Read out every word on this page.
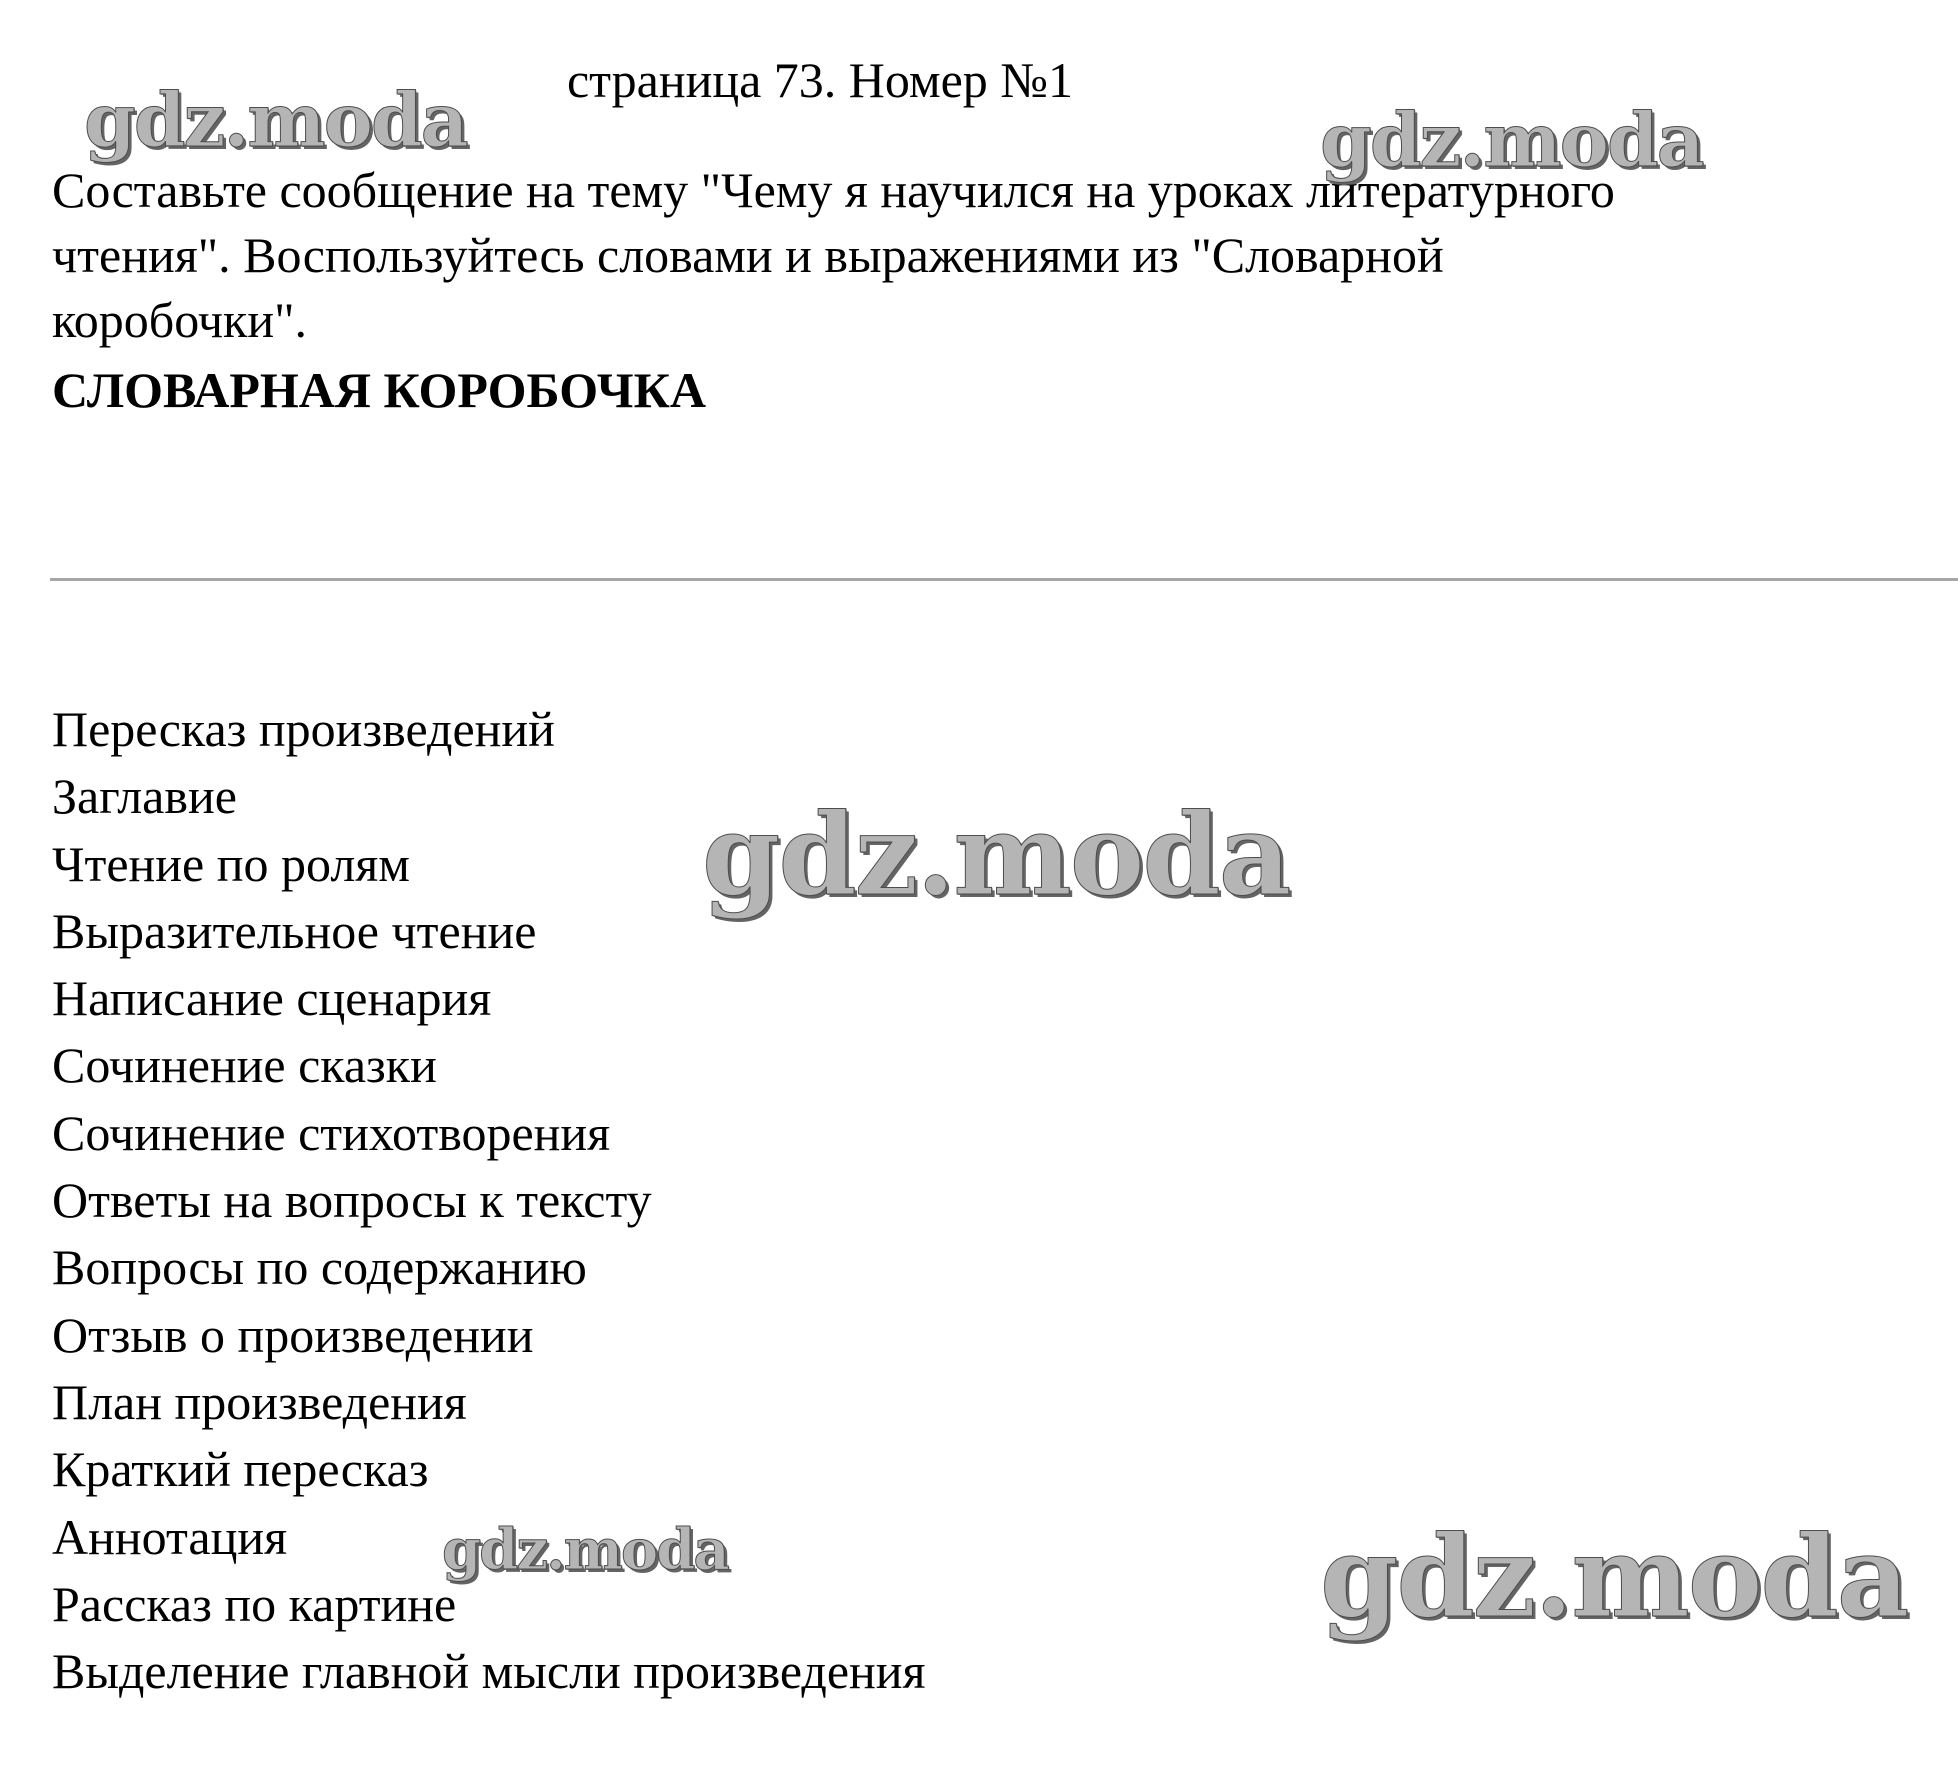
страница 73. Номер №1
Составьте сообщение на тему "Чему я научился на уроках литературного
чтения". Воспользуйтесь словами и выражениями из "Словарной
коробочки".
СЛОВАРНАЯ КОРОБОЧКА
Пересказ произведений
Заглавие
Чтение по ролям
Выразительное чтение
Написание сценария
Сочинение сказки
Сочинение стихотворения
Ответы на вопросы к тексту
Вопросы по содержанию
Отзыв о произведении
План произведения
Краткий пересказ
Аннотация
Рассказ по картине
Выделение главной мысли произведения
gdz.moda	gdz.moda
gdz.moda
gdz.moda	gdz.moda
